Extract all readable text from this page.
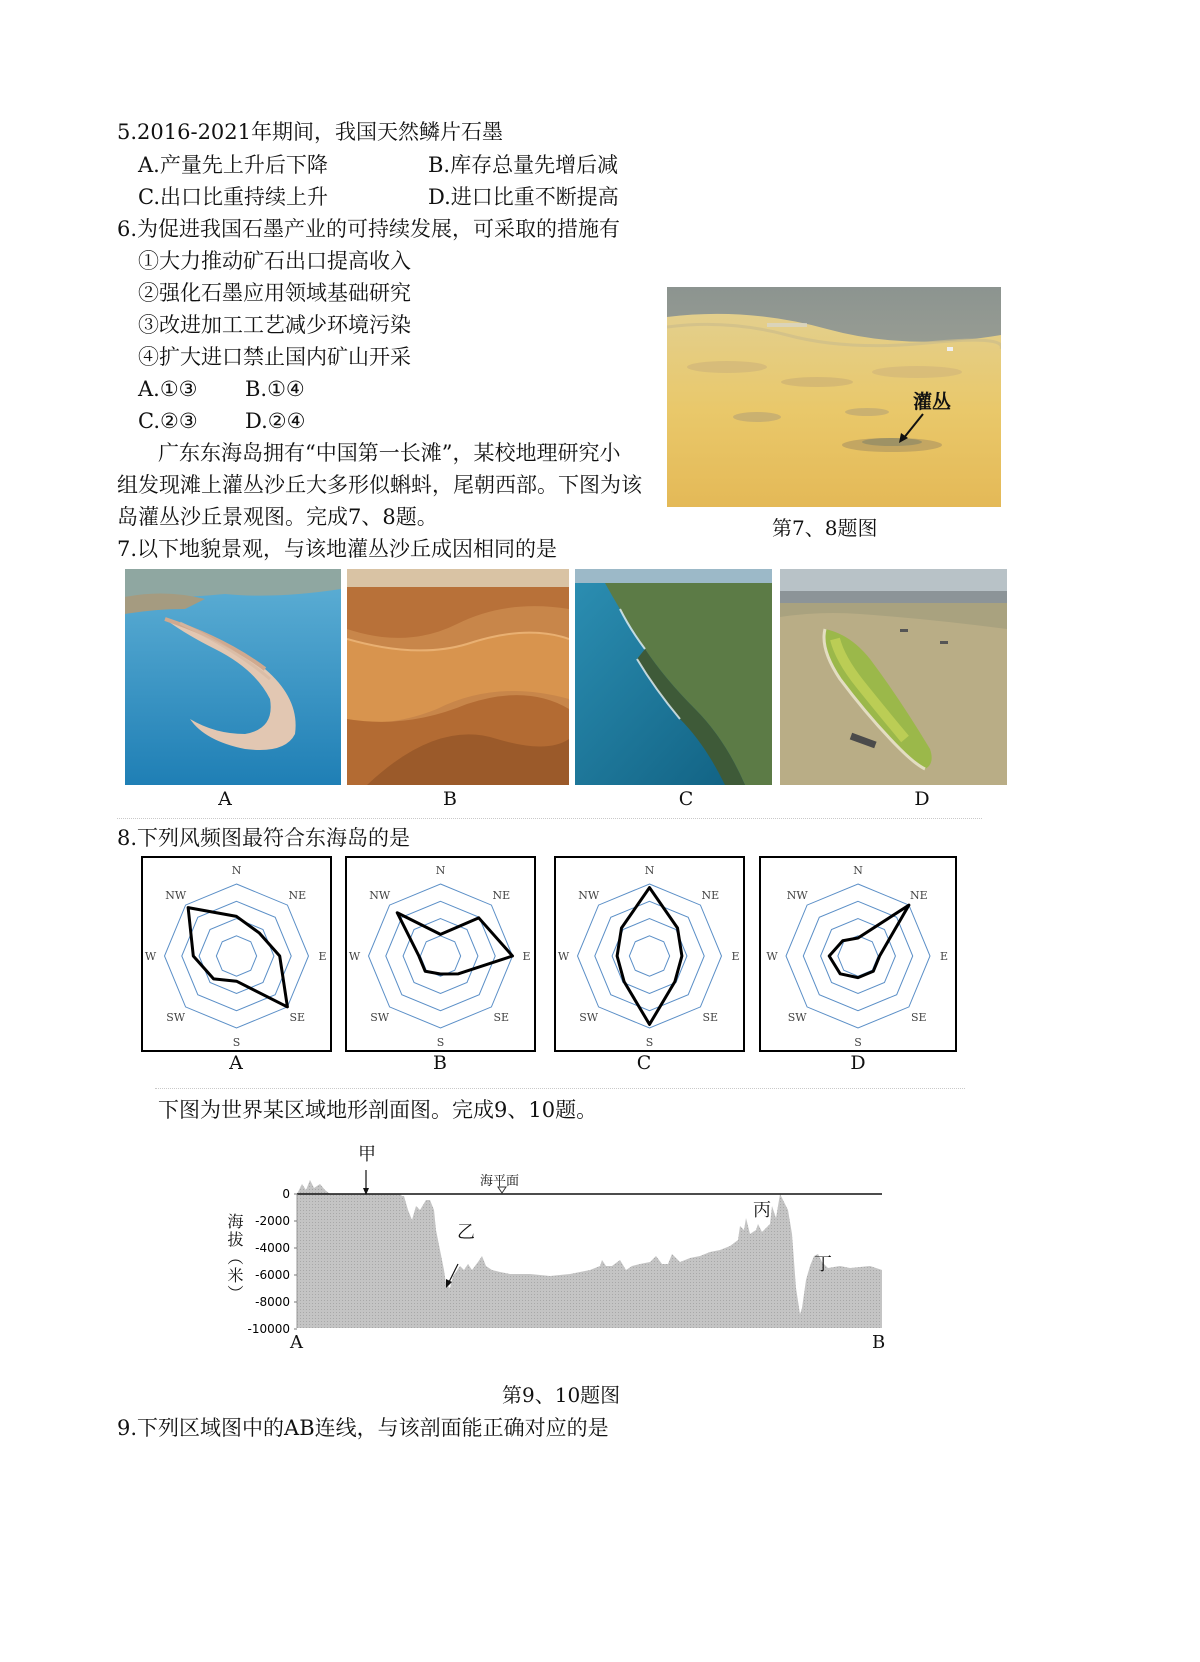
5.2016-2021年期间，我国天然鳞片石墨
A.产量先上升后下降	B.库存总量先增后减
C.出口比重持续上升	D.进口比重不断提高
6.为促进我国石墨产业的可持续发展，可采取的措施有
①大力推动矿石出口提高收入
②强化石墨应用领域基础研究
③改进加工工艺减少环境污染
④扩大进口禁止国内矿山开采
A.①③ B.①④
C.②③ D.②④
广东东海岛拥有“中国第一长滩”，某校地理研究小
组发现滩上灌丛沙丘大多形似蝌蚪，尾朝西部。下图为该
岛灌丛沙丘景观图。完成7、8题。
灌丛
第7、8题图
7.以下地貌景观，与该地灌丛沙丘成因相同的是
A	B	C	D
8.下列风频图最符合东海岛的是
N
NE
E
SE
S
SW
W
NW
N
NE
E
SE
S
SW
W
NW
N
NE
E
SE
S
SW
W
NW
N
NE
E
SE
S
SW
W
NW
A	B	C	D
下图为世界某区域地形剖面图。完成9、10题。
0
-2000
-4000
-6000
-8000
-10000
海拔（米）
甲
乙
丙
丁
海平面
A	B
第9、10题图
9.下列区域图中的AB连线，与该剖面能正确对应的是
